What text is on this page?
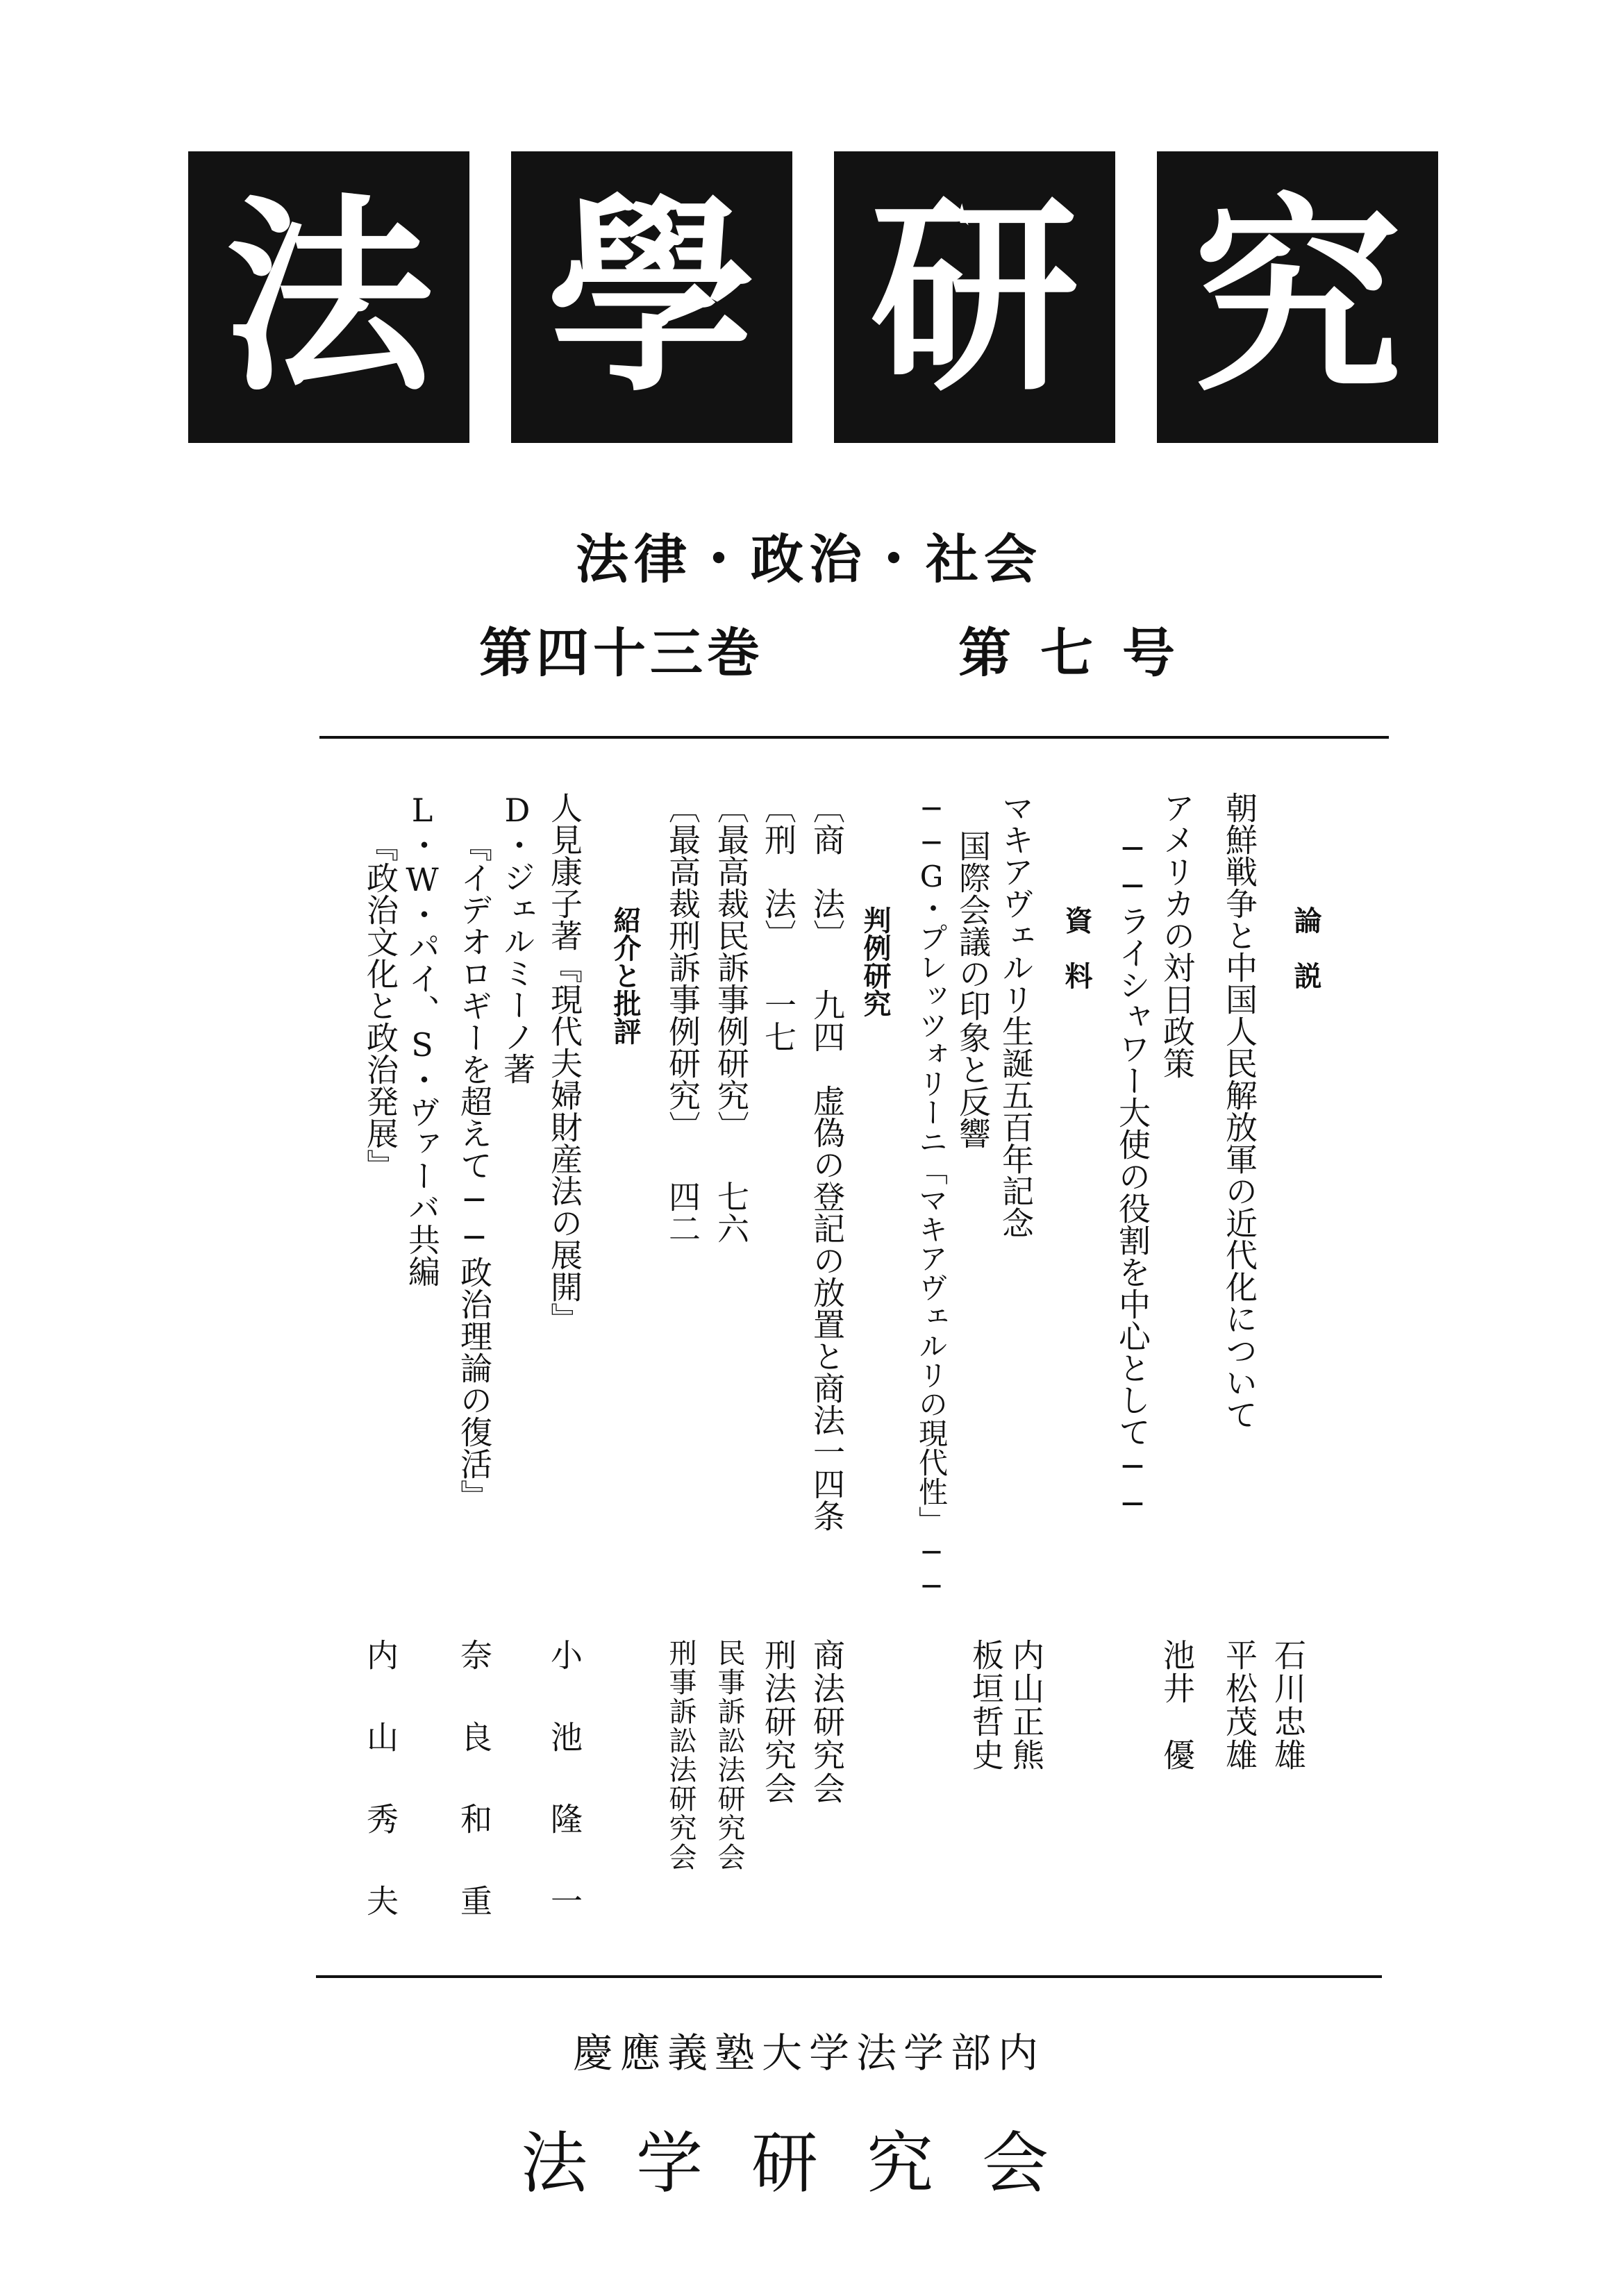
法 學 研 究
法律・政治・社会
第四十三巻	第七号
論　説
朝鮮戦争と中国人民解放軍の近代化について
石川忠雄
平松茂雄
アメリカの対日政策
──ライシャワー大使の役割を中心として──
池井　優
資　料
マキアヴェルリ生誕五百年記念
国際会議の印象と反響
──G・プレッツォリーニ「マキアヴェルリの現代性」──
内山正熊
板垣哲史
判例研究
〔商　法〕 九四　虚偽の登記の放置と商法一四条
商法研究会
〔刑　法〕 一七
刑法研究会
〔最高裁民訴事例研究〕 七六
民事訴訟法研究会
〔最高裁刑訴事例研究〕 四二
刑事訴訟法研究会
紹介と批評
人見康子著『現代夫婦財産法の展開』
小池隆一
D・ジェルミーノ著
『イデオロギーを超えて──政治理論の復活』
奈良和重
L・W・パイ、S・ヴァーバ共編
『政治文化と政治発展』
内山秀夫
慶應義塾大学法学部内
法学研究会
